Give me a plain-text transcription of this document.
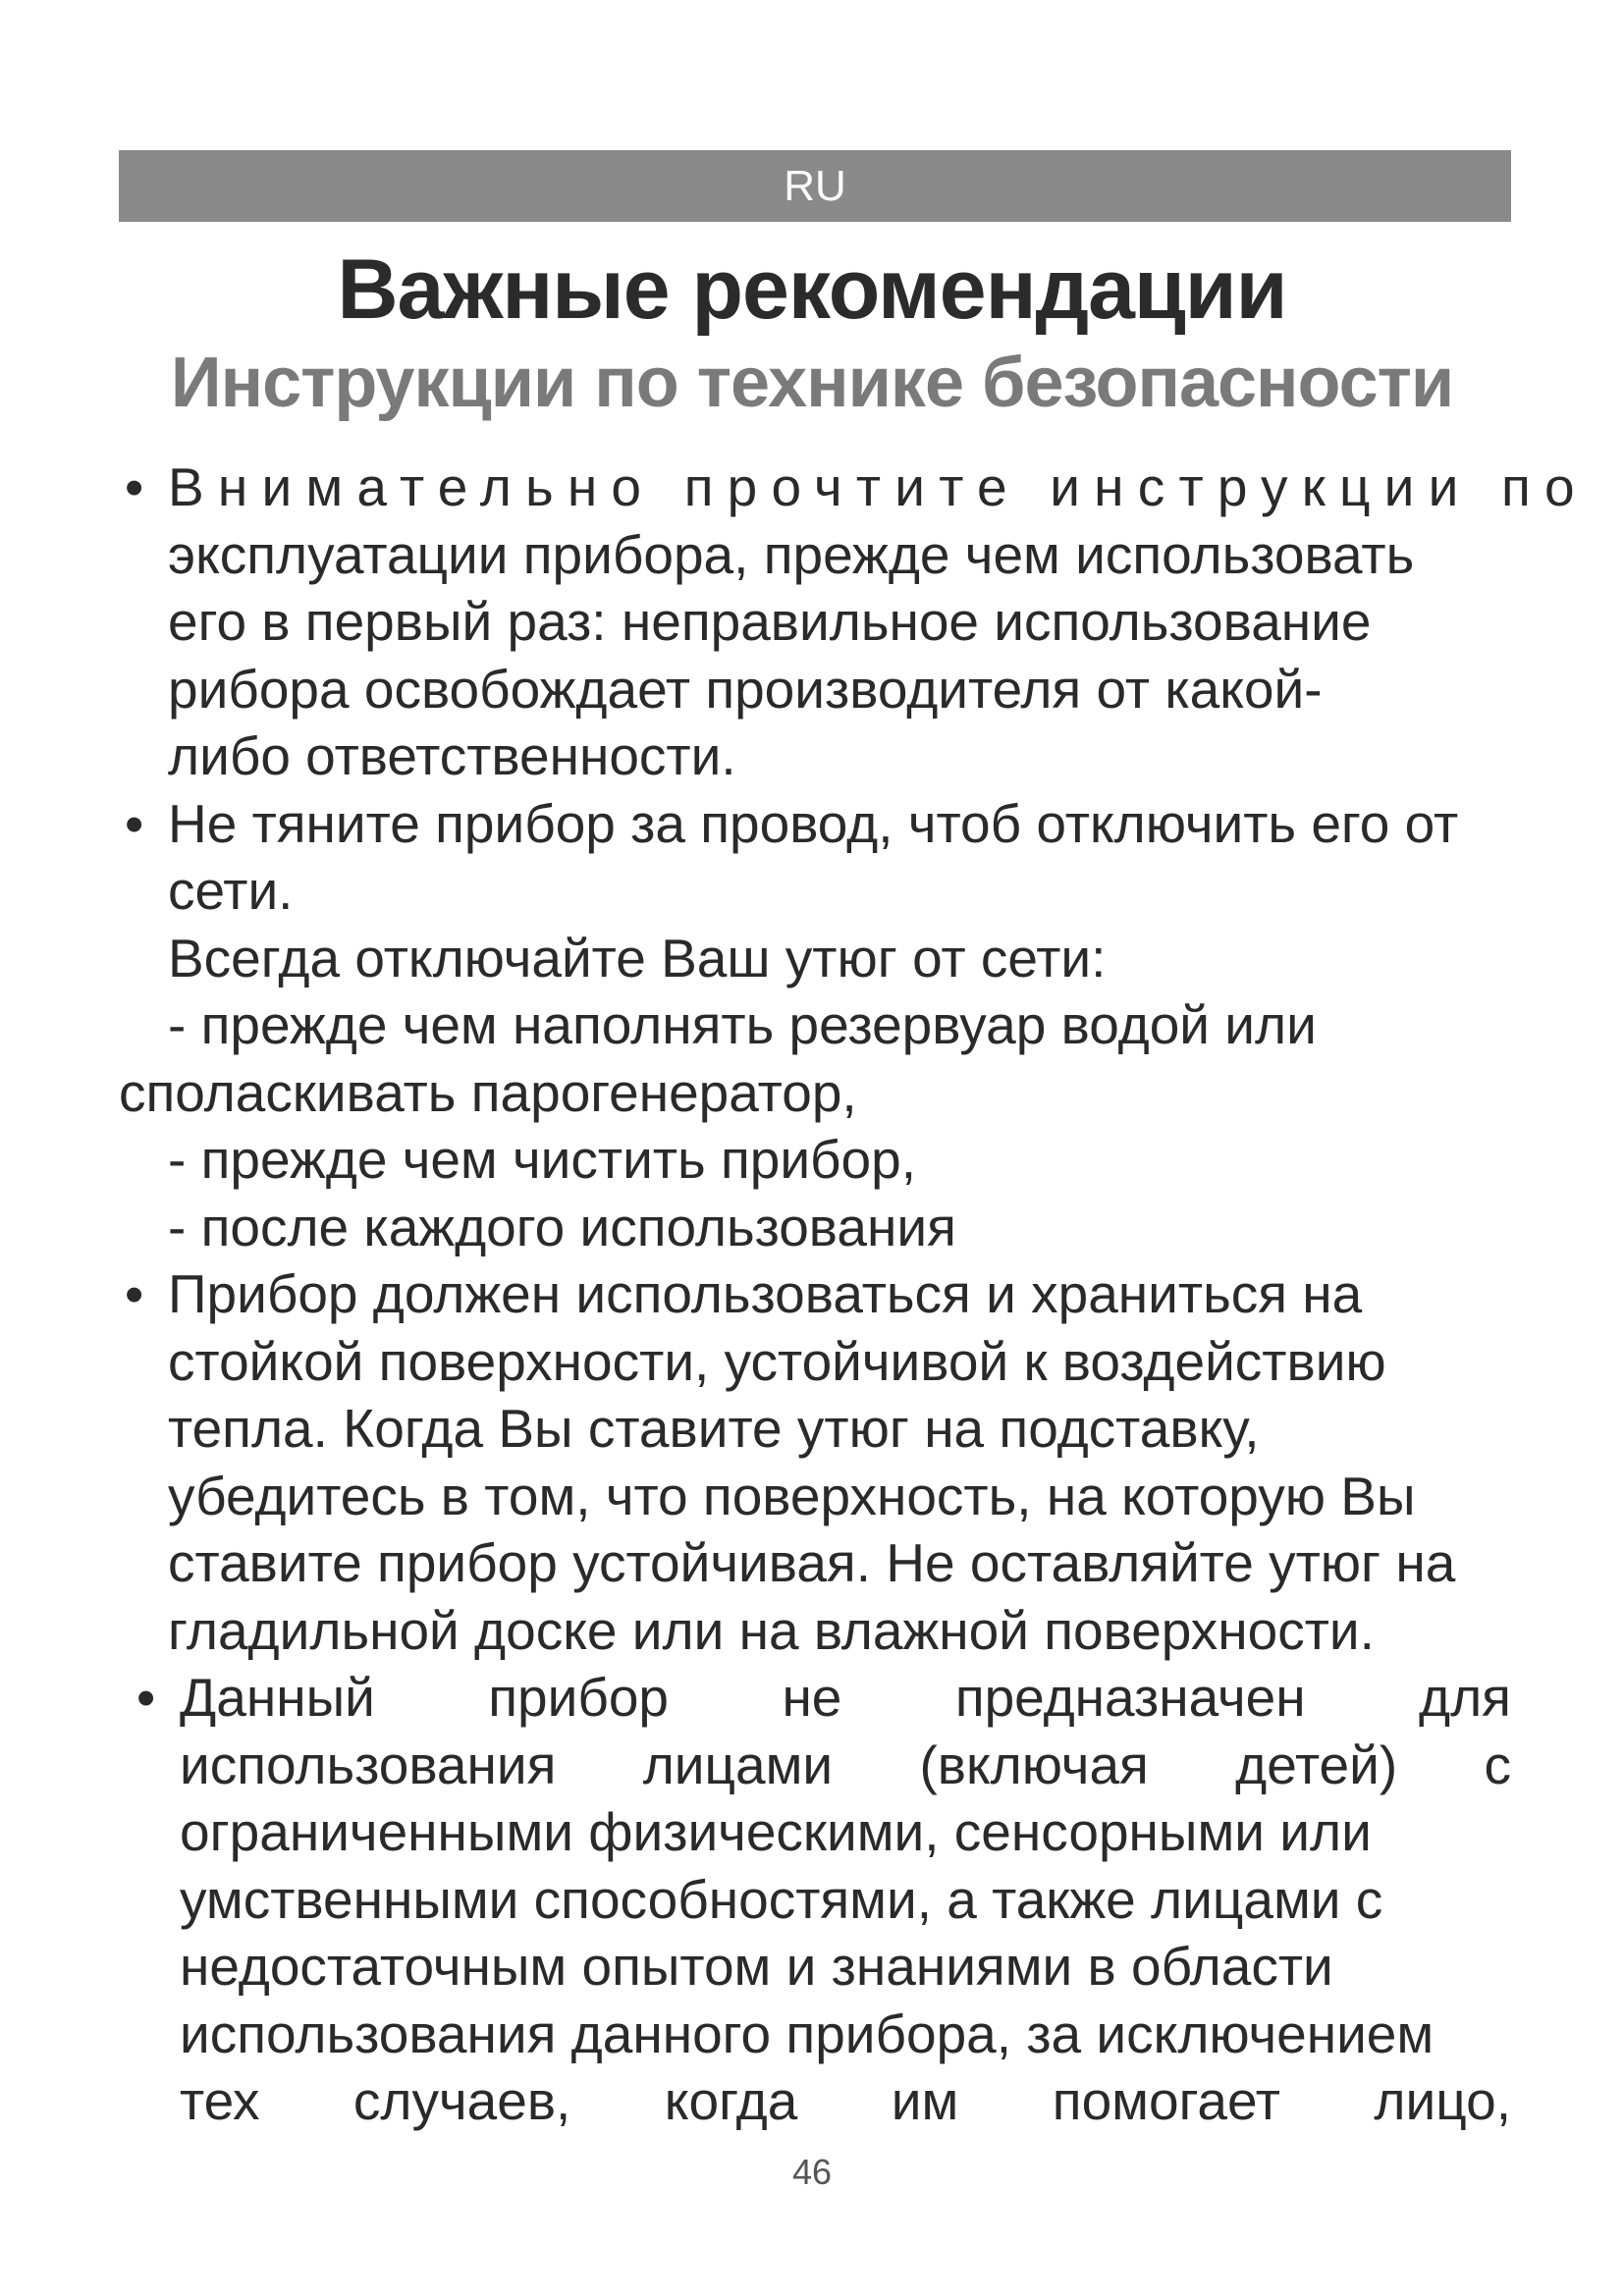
RU
Важные рекомендации
Инструкции по технике безопасности
• Внимательно прочтите инструкции по
эксплуатации прибора, прежде чем использовать
его в первый раз: неправильное использование
рибора освобождает производителя от какой-
либо ответственности.
• Не тяните прибор за провод, чтоб отключить его от
сети.
Всегда отключайте Ваш утюг от сети:
- прежде чем наполнять резервуар водой или
споласкивать парогенератор,
- прежде чем чистить прибор,
- после каждого использования
• Прибор должен использоваться и храниться на
стойкой поверхности, устойчивой к воздействию
тепла. Когда Вы ставите утюг на подставку,
убедитесь в том, что поверхность, на которую Вы
ставите прибор устойчивая. Не оставляйте утюг на
гладильной доске или на влажной поверхности.
• Данный прибор не предназначен для
использования лицами (включая детей) с
ограниченными физическими, сенсорными или
умственными способностями, а также лицами с
недостаточным опытом и знаниями в области
использования данного прибора, за исключением
тех случаев, когда им помогает лицо,
46
